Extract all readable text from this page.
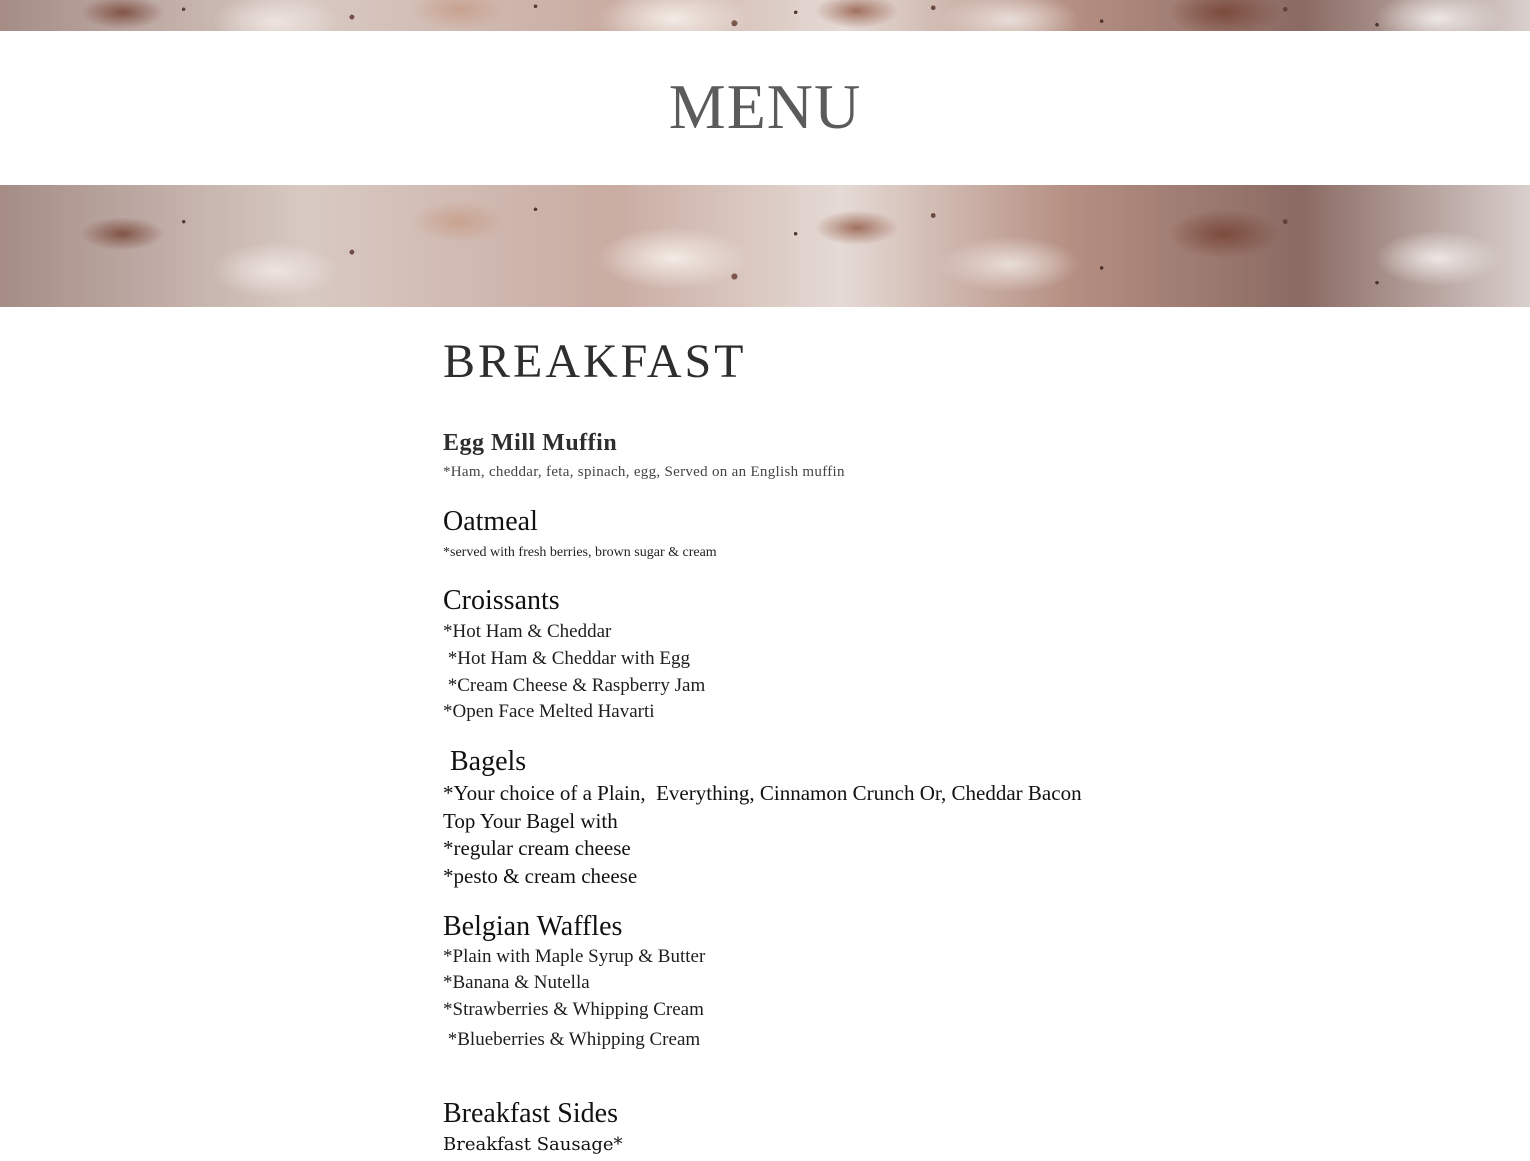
MENU
BREAKFAST
Egg Mill Muffin
*Ham, cheddar, feta, spinach, egg, Served on an English muffin
Oatmeal
*served with fresh berries, brown sugar & cream
Croissants
*Hot Ham & Cheddar
*Hot Ham & Cheddar with Egg
*Cream Cheese & Raspberry Jam
*Open Face Melted Havarti
Bagels
*Your choice of a Plain,  Everything, Cinnamon Crunch Or, Cheddar Bacon
Top Your Bagel with
*regular cream cheese
*pesto & cream cheese
Belgian Waffles
*Plain with Maple Syrup & Butter
*Banana & Nutella
*Strawberries & Whipping Cream
*Blueberries & Whipping Cream
Breakfast Sides
Breakfast Sausage*
